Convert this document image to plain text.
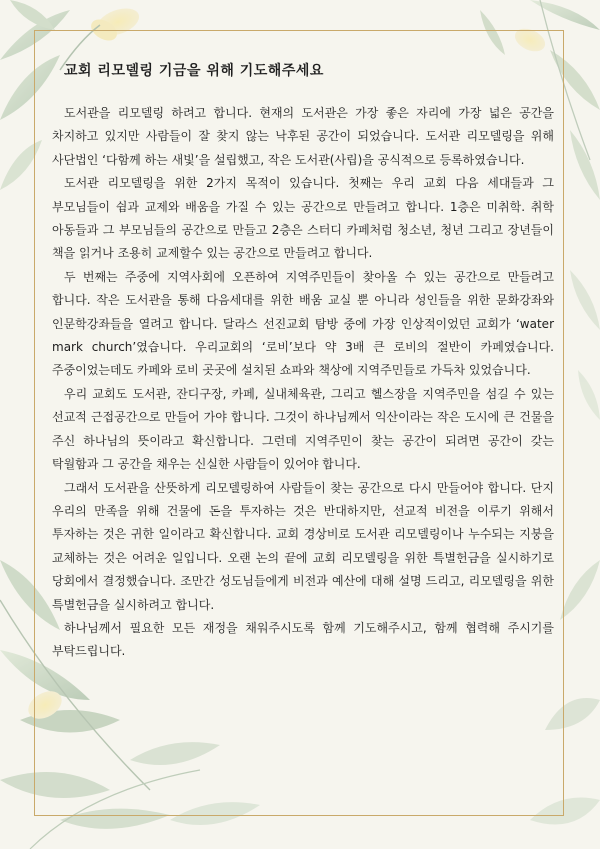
교회 리모델링 기금을 위해 기도해주세요

도서관을 리모델링 하려고 합니다. 현재의 도서관은 가장 좋은 자리에 가장 넓은 공간을 차지하고 있지만 사람들이 잘 찾지 않는 낙후된 공간이 되었습니다. 도서관 리모델링을 위해 사단법인 ‘다함께 하는 새빛’을 설립했고, 작은 도서관(사립)을 공식적으로 등록하였습니다.

도서관 리모델링을 위한 2가지 목적이 있습니다. 첫째는 우리 교회 다음 세대들과 그 부모님들이 쉼과 교제와 배움을 가질 수 있는 공간으로 만들려고 합니다. 1층은 미취학. 취학 아동들과 그 부모님들의 공간으로 만들고 2층은 스터디 카페처럼 청소년, 청년 그리고 장년들이 책을 읽거나 조용히 교제할수 있는 공간으로 만들려고 합니다.

두 번째는 주중에 지역사회에 오픈하여 지역주민들이 찾아올 수 있는 공간으로 만들려고 합니다. 작은 도서관을 통해 다음세대를 위한 배움 교실 뿐 아니라 성인들을 위한 문화강좌와 인문학강좌들을 열려고 합니다. 달라스 선진교회 탐방 중에 가장 인상적이었던 교회가 ‘water mark church’였습니다. 우리교회의 ‘로비’보다 약 3배 큰 로비의 절반이 카페였습니다. 주중이었는데도 카페와 로비 곳곳에 설치된 쇼파와 책상에 지역주민들로 가득차 있었습니다.

우리 교회도 도서관, 잔디구장, 카페, 실내체육관, 그리고 헬스장을 지역주민을 섬길 수 있는 선교적 근접공간으로 만들어 가야 합니다. 그것이 하나님께서 익산이라는 작은 도시에 큰 건물을 주신 하나님의 뜻이라고 확신합니다. 그런데 지역주민이 찾는 공간이 되려면 공간이 갖는 탁월함과 그 공간을 채우는 신실한 사람들이 있어야 합니다.

그래서 도서관을 산뜻하게 리모델링하여 사람들이 찾는 공간으로 다시 만들어야 합니다. 단지 우리의 만족을 위해 건물에 돈을 투자하는 것은 반대하지만, 선교적 비전을 이루기 위해서 투자하는 것은 귀한 일이라고 확신합니다. 교회 경상비로 도서관 리모델링이나 누수되는 지붕을 교체하는 것은 어려운 일입니다. 오랜 논의 끝에 교회 리모델링을 위한 특별헌금을 실시하기로 당회에서 결정했습니다. 조만간 성도님들에게 비전과 예산에 대해 설명 드리고, 리모델링을 위한 특별헌금을 실시하려고 합니다.

하나님께서 필요한 모든 재정을 채워주시도록 함께 기도해주시고, 함께 협력해 주시기를 부탁드립니다.
